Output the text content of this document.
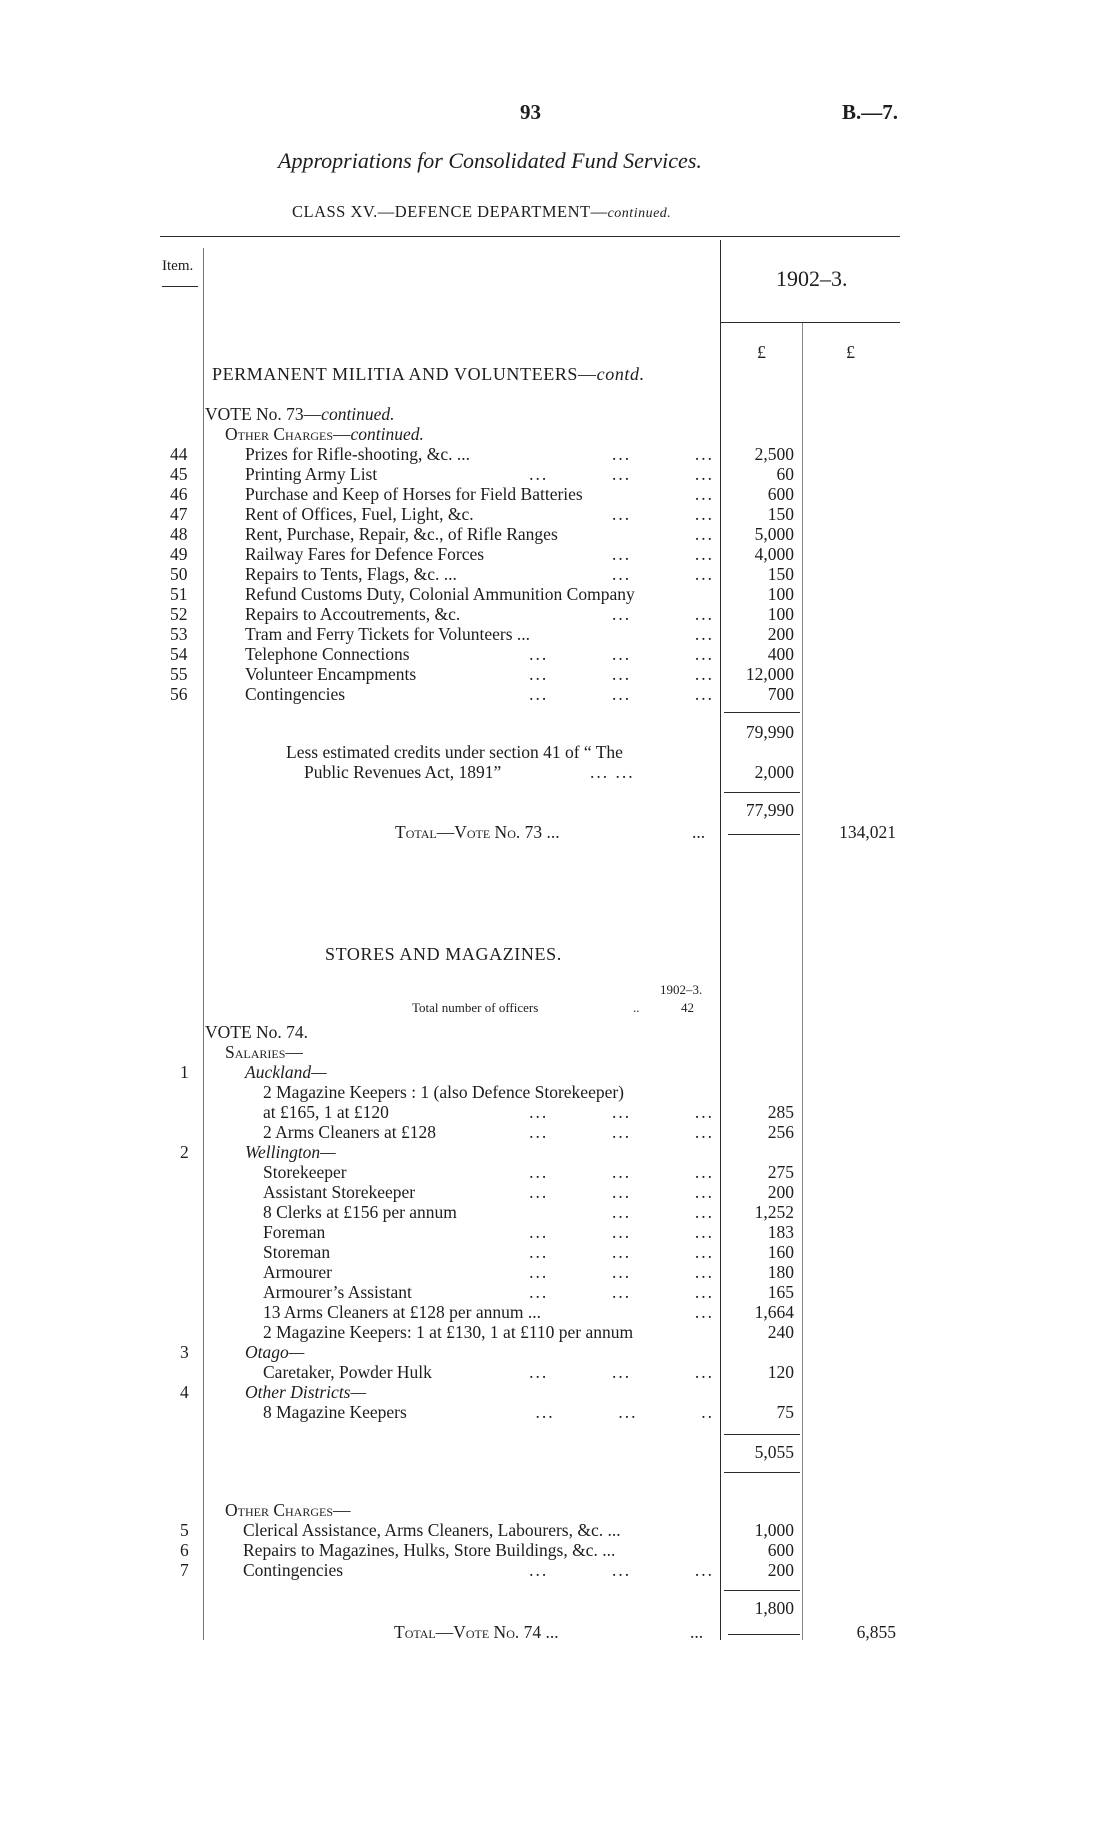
93	B.—7.
Appropriations for Consolidated Fund Services.
CLASS XV.—DEFENCE DEPARTMENT—continued.
Item.	1902–3.
£	£
PERMANENT MILITIA AND VOLUNTEERS—contd.
VOTE No. 73—continued.
Other Charges—continued.
44	Prizes for Rifle-shooting, &c. ...	...          ...	2,500
45	Printing Army List	...          ...          ...	60
46	Purchase and Keep of Horses for Field Batteries	...	600
47	Rent of Offices, Fuel, Light, &c.	...          ...	150
48	Rent, Purchase, Repair, &c., of Rifle Ranges	...	5,000
49	Railway Fares for Defence Forces	...          ...	4,000
50	Repairs to Tents, Flags, &c. ...	...          ...	150
51	Refund Customs Duty, Colonial Ammunition Company	100
52	Repairs to Accoutrements, &c.	...          ...	100
53	Tram and Ferry Tickets for Volunteers ...	...	200
54	Telephone Connections	...          ...          ...	400
55	Volunteer Encampments	...          ...          ...	12,000
56	Contingencies	...          ...          ...	700
79,990
Less estimated credits under section 41 of “ The
Public Revenues Act, 1891”	... ...	2,000
77,990
Total—Vote No. 73 ...	...	134,021
STORES AND MAGAZINES.
1902–3.
Total number of officers	..	42
VOTE No. 74.
Salaries—
1	Auckland—
2 Magazine Keepers : 1 (also Defence Storekeeper)
at £165, 1 at £120	...          ...          ...	285
2 Arms Cleaners at £128	...          ...          ...	256
2	Wellington—
Storekeeper	...          ...          ...	275
Assistant Storekeeper	...          ...          ...	200
8 Clerks at £156 per annum	...          ...	1,252
Foreman	...          ...          ...	183
Storeman	...          ...          ...	160
Armourer	...          ...          ...	180
Armourer’s Assistant	...          ...          ...	165
13 Arms Cleaners at £128 per annum ...	...	1,664
2 Magazine Keepers: 1 at £130, 1 at £110 per annum	240
3	Otago—
Caretaker, Powder Hulk	...          ...          ...	120
4	Other Districts—
8 Magazine Keepers	...          ...          ..	75
5,055
Other Charges—
5	Clerical Assistance, Arms Cleaners, Labourers, &c. ...	1,000
6	Repairs to Magazines, Hulks, Store Buildings, &c. ...	600
7	Contingencies	...          ...          ...	200
1,800
Total—Vote No. 74 ...	...	6,855
